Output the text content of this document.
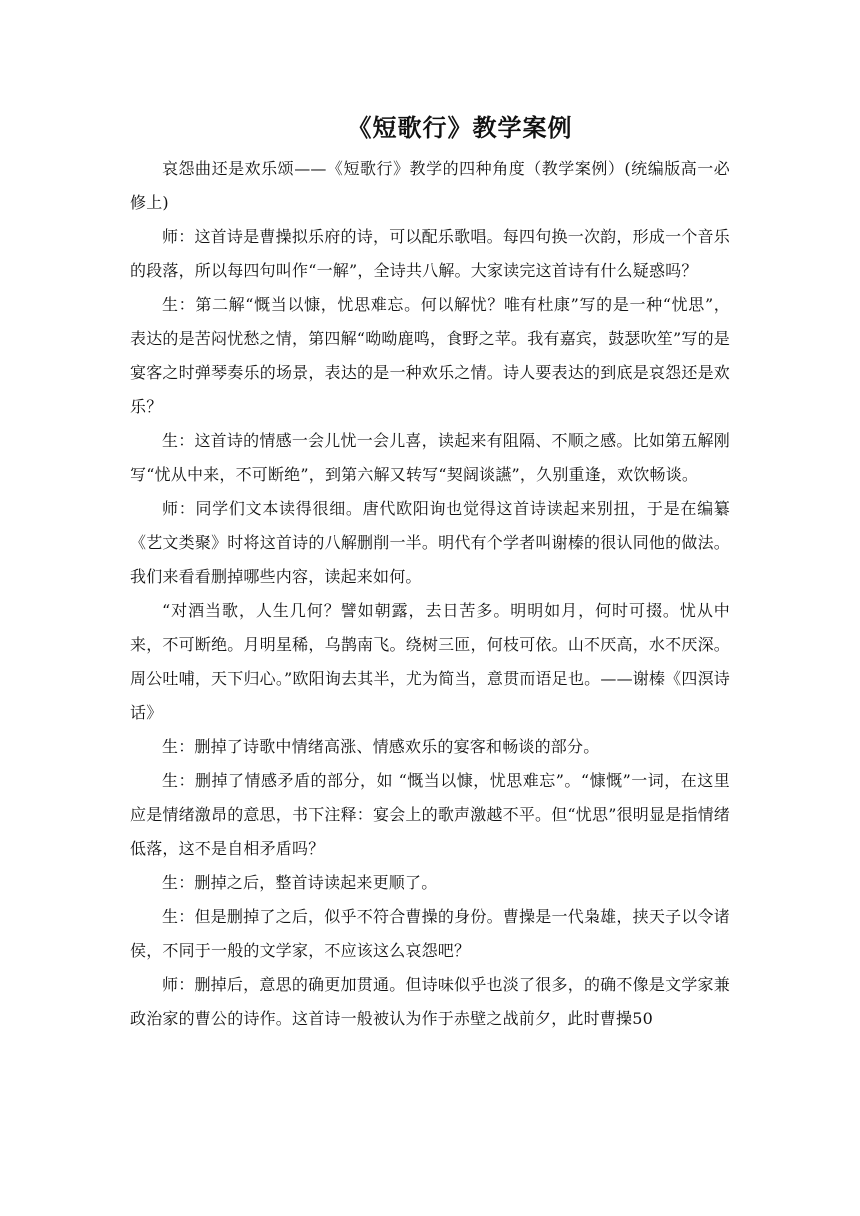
《短歌行》教学案例

哀怨曲还是欢乐颂——《短歌行》教学的四种角度（教学案例）(统编版高一必修上)

师：这首诗是曹操拟乐府的诗，可以配乐歌唱。每四句换一次韵，形成一个音乐的段落，所以每四句叫作“一解”，全诗共八解。大家读完这首诗有什么疑惑吗？

生：第二解“慨当以慷，忧思难忘。何以解忧？唯有杜康”写的是一种“忧思”，表达的是苦闷忧愁之情，第四解“呦呦鹿鸣，食野之苹。我有嘉宾，鼓瑟吹笙”写的是宴客之时弹琴奏乐的场景，表达的是一种欢乐之情。诗人要表达的到底是哀怨还是欢乐？

生：这首诗的情感一会儿忧一会儿喜，读起来有阻隔、不顺之感。比如第五解刚写“忧从中来，不可断绝”，到第六解又转写“契阔谈讌”，久别重逢，欢饮畅谈。

师：同学们文本读得很细。唐代欧阳询也觉得这首诗读起来别扭，于是在编纂《艺文类聚》时将这首诗的八解删削一半。明代有个学者叫谢榛的很认同他的做法。我们来看看删掉哪些内容，读起来如何。

“对酒当歌，人生几何？譬如朝露，去日苦多。明明如月，何时可掇。忧从中来，不可断绝。月明星稀，乌鹊南飞。绕树三匝，何枝可依。山不厌高，水不厌深。周公吐哺，天下归心。”欧阳询去其半，尤为简当，意贯而语足也。——谢榛《四溟诗话》

生：删掉了诗歌中情绪高涨、情感欢乐的宴客和畅谈的部分。

生：删掉了情感矛盾的部分，如 “慨当以慷，忧思难忘”。“慷慨”一词，在这里应是情绪激昂的意思，书下注释：宴会上的歌声激越不平。但“忧思”很明显是指情绪低落，这不是自相矛盾吗？

生：删掉之后，整首诗读起来更顺了。

生：但是删掉了之后，似乎不符合曹操的身份。曹操是一代枭雄，挟天子以令诸侯，不同于一般的文学家，不应该这么哀怨吧？

师：删掉后，意思的确更加贯通。但诗味似乎也淡了很多，的确不像是文学家兼政治家的曹公的诗作。这首诗一般被认为作于赤壁之战前夕，此时曹操50
